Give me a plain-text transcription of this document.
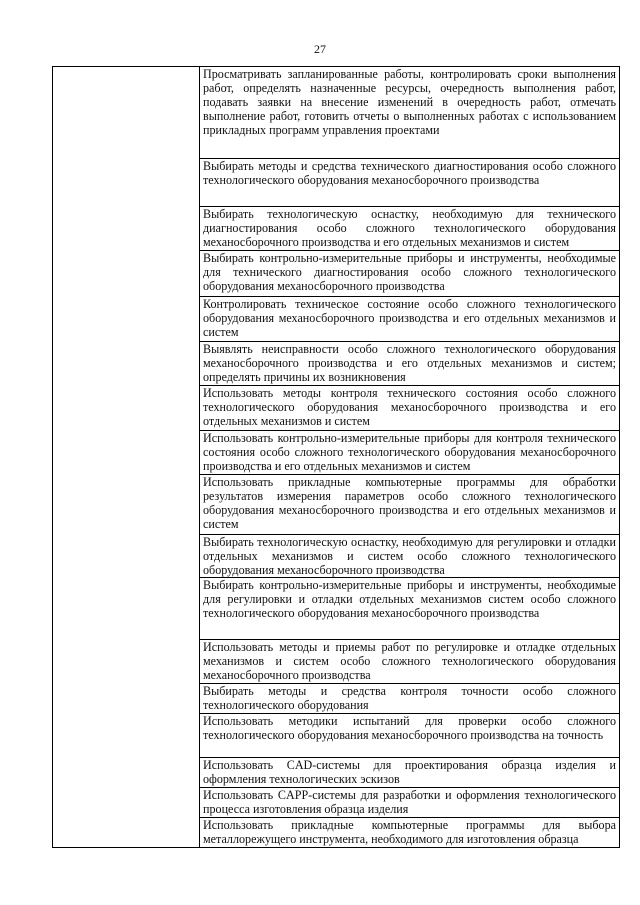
27

Просматривать запланированные работы, контролировать сроки выполнения работ, определять назначенные ресурсы, очередность выполнения работ, подавать заявки на внесение изменений в очередность работ, отмечать выполнение работ, готовить отчеты о выполненных работах с использованием прикладных программ управления проектами

Выбирать методы и средства технического диагностирования особо сложного технологического оборудования механосборочного производства

Выбирать технологическую оснастку, необходимую для технического диагностирования особо сложного технологического оборудования механосборочного производства и его отдельных механизмов и систем

Выбирать контрольно-измерительные приборы и инструменты, необходимые для технического диагностирования особо сложного технологического оборудования механосборочного производства

Контролировать техническое состояние особо сложного технологического оборудования механосборочного производства и его отдельных механизмов и систем

Выявлять неисправности особо сложного технологического оборудования механосборочного производства и его отдельных механизмов и систем; определять причины их возникновения

Использовать методы контроля технического состояния особо сложного технологического оборудования механосборочного производства и его отдельных механизмов и систем

Использовать контрольно-измерительные приборы для контроля технического состояния особо сложного технологического оборудования механосборочного производства и его отдельных механизмов и систем

Использовать прикладные компьютерные программы для обработки результатов измерения параметров особо сложного технологического оборудования механосборочного производства и его отдельных механизмов и систем

Выбирать технологическую оснастку, необходимую для регулировки и отладки отдельных механизмов и систем особо сложного технологического оборудования механосборочного производства

Выбирать контрольно-измерительные приборы и инструменты, необходимые для регулировки и отладки отдельных механизмов систем особо сложного технологического оборудования механосборочного производства

Использовать методы и приемы работ по регулировке и отладке отдельных механизмов и систем особо сложного технологического оборудования механосборочного производства

Выбирать методы и средства контроля точности особо сложного технологического оборудования

Использовать методики испытаний для проверки особо сложного технологического оборудования механосборочного производства на точность

Использовать CAD-системы для проектирования образца изделия и оформления технологических эскизов

Использовать CAPP-системы для разработки и оформления технологического процесса изготовления образца изделия

Использовать прикладные компьютерные программы для выбора металлорежущего инструмента, необходимого для изготовления образца
